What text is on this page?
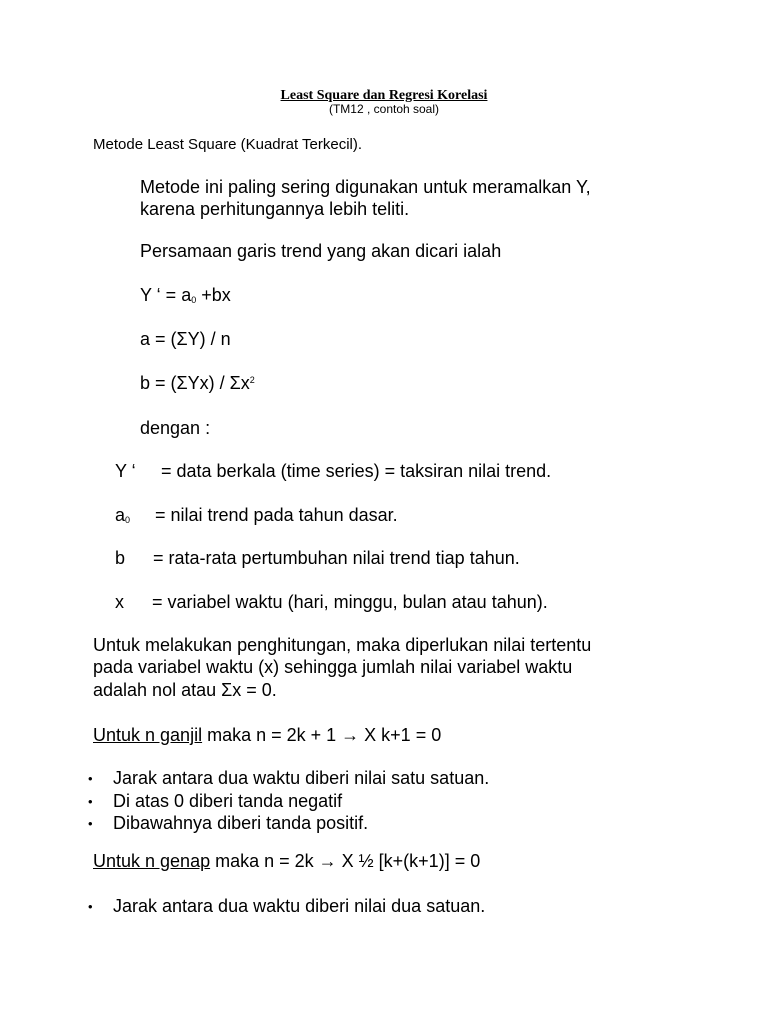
Least Square dan Regresi Korelasi
(TM12 , contoh soal)
Metode Least Square (Kuadrat Terkecil).
Metode ini paling sering digunakan untuk meramalkan Y,
karena perhitungannya lebih teliti.
Persamaan garis trend yang akan dicari ialah
Y ‘ = $a_0 +bx$
a = (ΣY) / n
$b = (\Sigma Yx) / \Sigma x^2$
dengan :
Y ‘ = data berkala (time series) = taksiran nilai trend.
$a_0$ = nilai trend pada tahun dasar.
b = rata-rata pertumbuhan nilai trend tiap tahun.
x = variabel waktu (hari, minggu, bulan atau tahun).
Untuk melakukan penghitungan, maka diperlukan nilai tertentu
pada variabel waktu (x) sehingga jumlah nilai variabel waktu
adalah nol atau Σx = 0.
Untuk n ganjil maka n = 2k + 1 → X k+1 = 0
• Jarak antara dua waktu diberi nilai satu satuan.
• Di atas 0 diberi tanda negatif
• Dibawahnya diberi tanda positif.
Untuk n genap maka n = 2k → X ½ [k+(k+1)] = 0
• Jarak antara dua waktu diberi nilai dua satuan.
